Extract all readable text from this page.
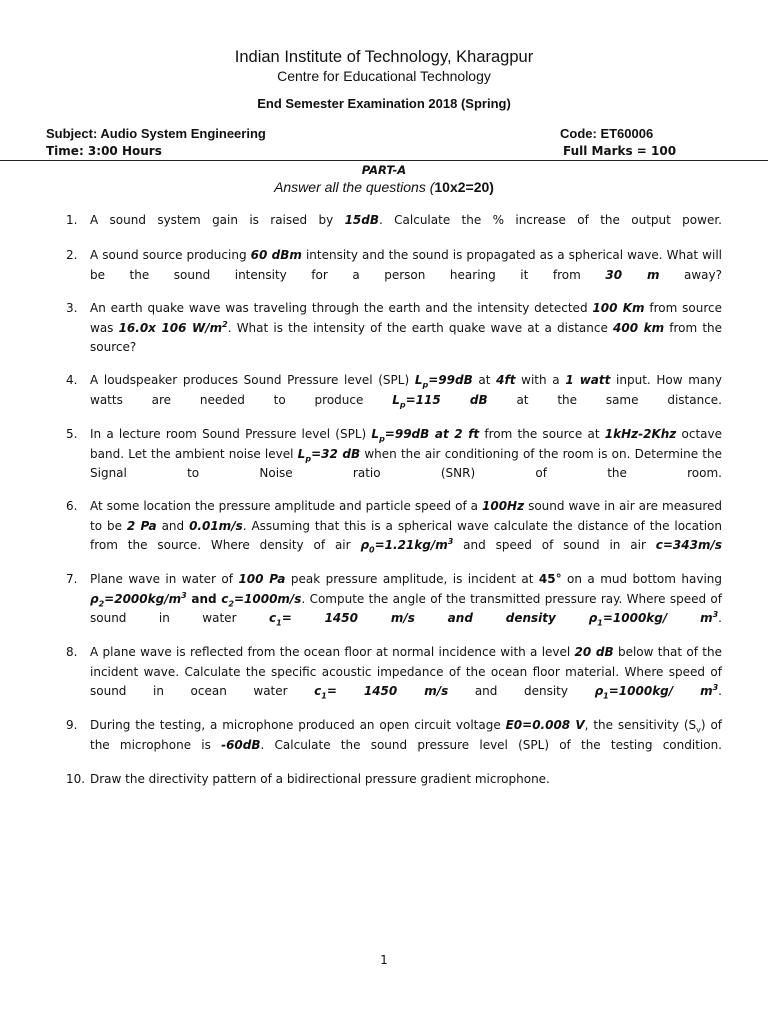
Indian Institute of Technology, Kharagpur
Centre for Educational Technology
End Semester Examination 2018 (Spring)
Subject: Audio System Engineering	Code: ET60006
Time: 3:00 Hours	Full Marks = 100
PART-A
Answer all the questions (10x2=20)
1.	A sound system gain is raised by 15dB. Calculate the % increase of the output power.
2.	A sound source producing 60 dBm intensity and the sound is propagated as a spherical wave. What will be the sound intensity for a person hearing it from 30 m away?
3.	An earth quake wave was traveling through the earth and the intensity detected 100 Km from source was 16.0x 106 $W/m^2$. What is the intensity of the earth quake wave at a distance 400 km from the source?
4.	A loudspeaker produces Sound Pressure level (SPL) $L_p=99dB$ at 4ft with a 1 watt input. How many watts are needed to produce $L_p=115$ dB at the same distance.
5.	In a lecture room Sound Pressure level (SPL) $L_p=99dB$ at 2 ft from the source at 1kHz-2Khz octave band. Let the ambient noise level $L_p=32$ dB when the air conditioning of the room is on. Determine the Signal to Noise ratio (SNR) of the room.
6.	At some location the pressure amplitude and particle speed of a 100Hz sound wave in air are measured to be 2 Pa and 0.01m/s. Assuming that this is a spherical wave calculate the distance of the location from the source. Where density of air $\rho_0=1.21kg/m^3$ and speed of sound in air c=343m/s
7.	Plane wave in water of 100 Pa peak pressure amplitude, is incident at 45° on a mud bottom having $\rho_2=2000kg/m^3$ and $c_2=1000m/s$. Compute the angle of the transmitted pressure ray. Where speed of sound in water $c_1= 1450$ m/s and density $\rho_1=1000kg/$ $m^3$.
8.	A plane wave is reflected from the ocean floor at normal incidence with a level 20 dB below that of the incident wave. Calculate the specific acoustic impedance of the ocean floor material. Where speed of sound in ocean water $c_1= 1450$ m/s and density $\rho_1=1000kg/$ $m^3$.
9.	During the testing, a microphone produced an open circuit voltage E0=0.008 V, the sensitivity $(S_v)$ of the microphone is -60dB. Calculate the sound pressure level (SPL) of the testing condition.
10. Draw the directivity pattern of a bidirectional pressure gradient microphone.
1
